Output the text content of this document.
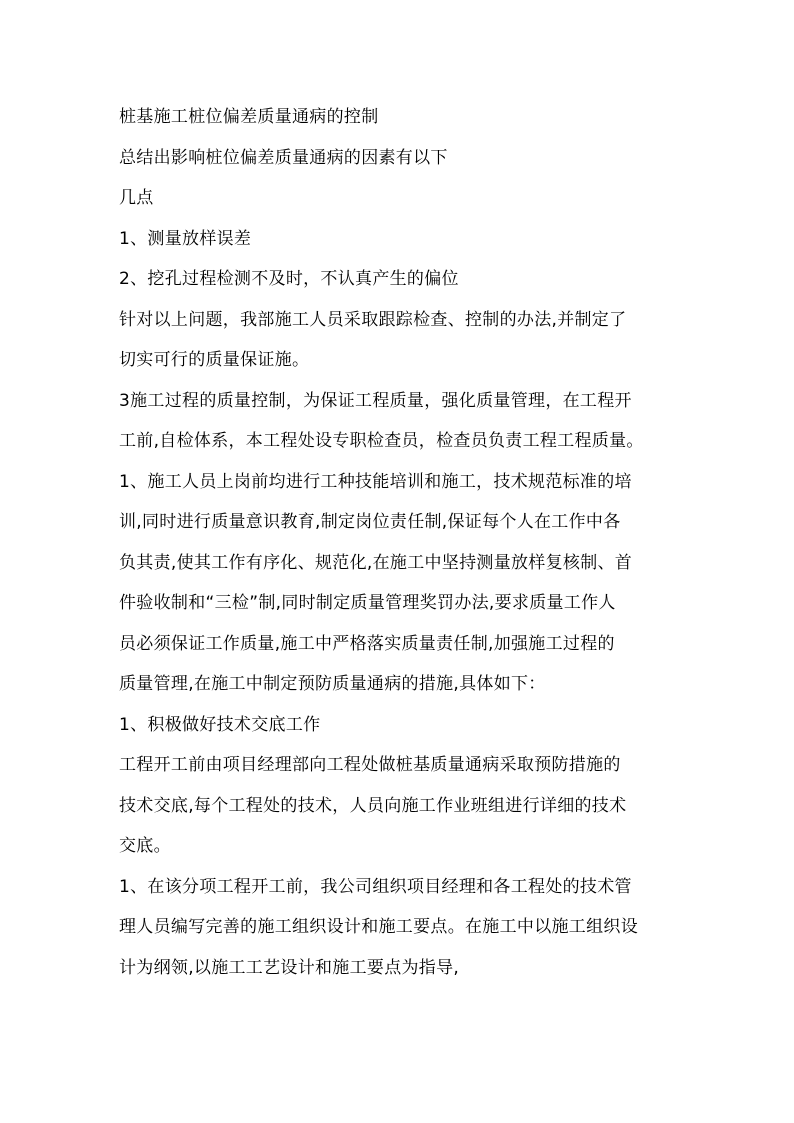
桩基施工桩位偏差质量通病的控制
总结出影响桩位偏差质量通病的因素有以下
几点
1、测量放样误差
2、挖孔过程检测不及时，不认真产生的偏位
针对以上问题，我部施工人员采取跟踪检查、控制的办法,并制定了
切实可行的质量保证施。
3施工过程的质量控制，为保证工程质量，强化质量管理，在工程开
工前,自检体系，本工程处设专职检查员，检查员负责工程工程质量。
1、施工人员上岗前均进行工种技能培训和施工，技术规范标准的培
训,同时进行质量意识教育,制定岗位责任制,保证每个人在工作中各
负其责,使其工作有序化、规范化,在施工中坚持测量放样复核制、首
件验收制和“三检”制,同时制定质量管理奖罚办法,要求质量工作人
员必须保证工作质量,施工中严格落实质量责任制,加强施工过程的
质量管理,在施工中制定预防质量通病的措施,具体如下：
1、积极做好技术交底工作
工程开工前由项目经理部向工程处做桩基质量通病采取预防措施的
技术交底,每个工程处的技术，人员向施工作业班组进行详细的技术
交底。
1、在该分项工程开工前，我公司组织项目经理和各工程处的技术管
理人员编写完善的施工组织设计和施工要点。在施工中以施工组织设
计为纲领,以施工工艺设计和施工要点为指导,
